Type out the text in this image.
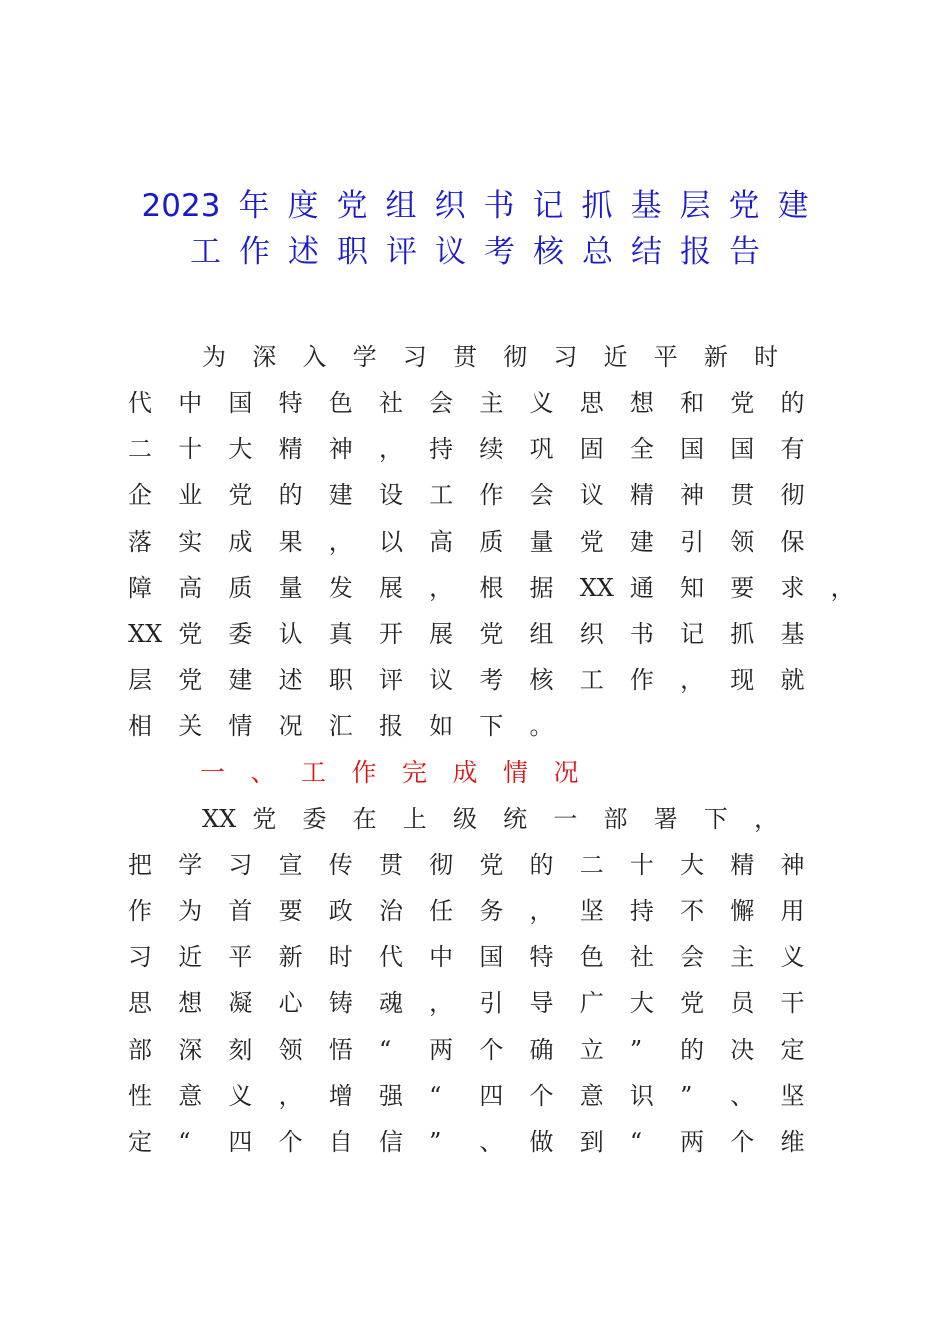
2023 年 度 党 组 织 书 记 抓 基 层 党 建
工 作 述 职 评 议 考 核 总 结 报 告
为	深	入	学	习	贯	彻	习	近	平	新	时
代	中	国	特	色	社	会	主	义	思	想	和	党	的
二	十	大	精	神	，	持	续	巩	固	全	国	国	有
企	业	党	的	建	设	工	作	会	议	精	神	贯	彻
落	实	成	果	，	以	高	质	量	党	建	引	领	保
障	高	质	量	发	展	，	根	据	XX 通	知	要	求	，
XX 党	委	认	真	开	展	党	组	织	书	记	抓	基
层	党	建	述	职	评	议	考	核	工	作	，	现	就
相	关	情	况	汇	报	如	下	。
一	、	工	作	完	成	情	况
XX 党	委	在	上	级	统	一	部	署	下	，
把	学	习	宣	传	贯	彻	党	的	二	十	大	精	神
作	为	首	要	政	治	任	务	，	坚	持	不	懈	用
习	近	平	新	时	代	中	国	特	色	社	会	主	义
思	想	凝	心	铸	魂	，	引	导	广	大	党	员	干
部	深	刻	领	悟	“	两	个	确	立	”	的	决	定
性	意	义	，	增	强	“	四	个	意	识	”	、	坚
定	“	四	个	自	信	”	、	做	到	“	两	个	维
